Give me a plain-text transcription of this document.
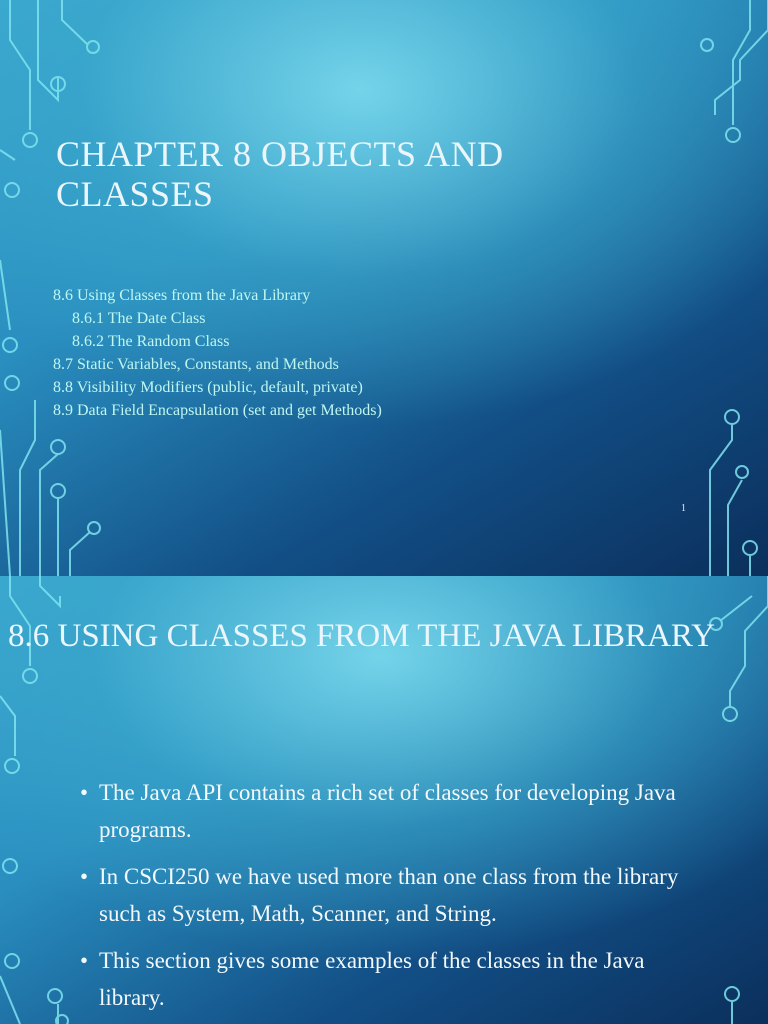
CHAPTER 8 OBJECTS AND CLASSES
8.6 Using Classes from the Java Library
8.6.1 The Date Class
8.6.2 The Random Class
8.7 Static Variables, Constants, and Methods
8.8 Visibility Modifiers (public, default, private)
8.9 Data Field Encapsulation (set and get Methods)
1
8.6 USING CLASSES FROM THE JAVA LIBRARY
• The Java API contains a rich set of classes for developing Java programs.
• In CSCI250 we have used more than one class from the library such as System, Math, Scanner, and String.
• This section gives some examples of the classes in the Java library.
